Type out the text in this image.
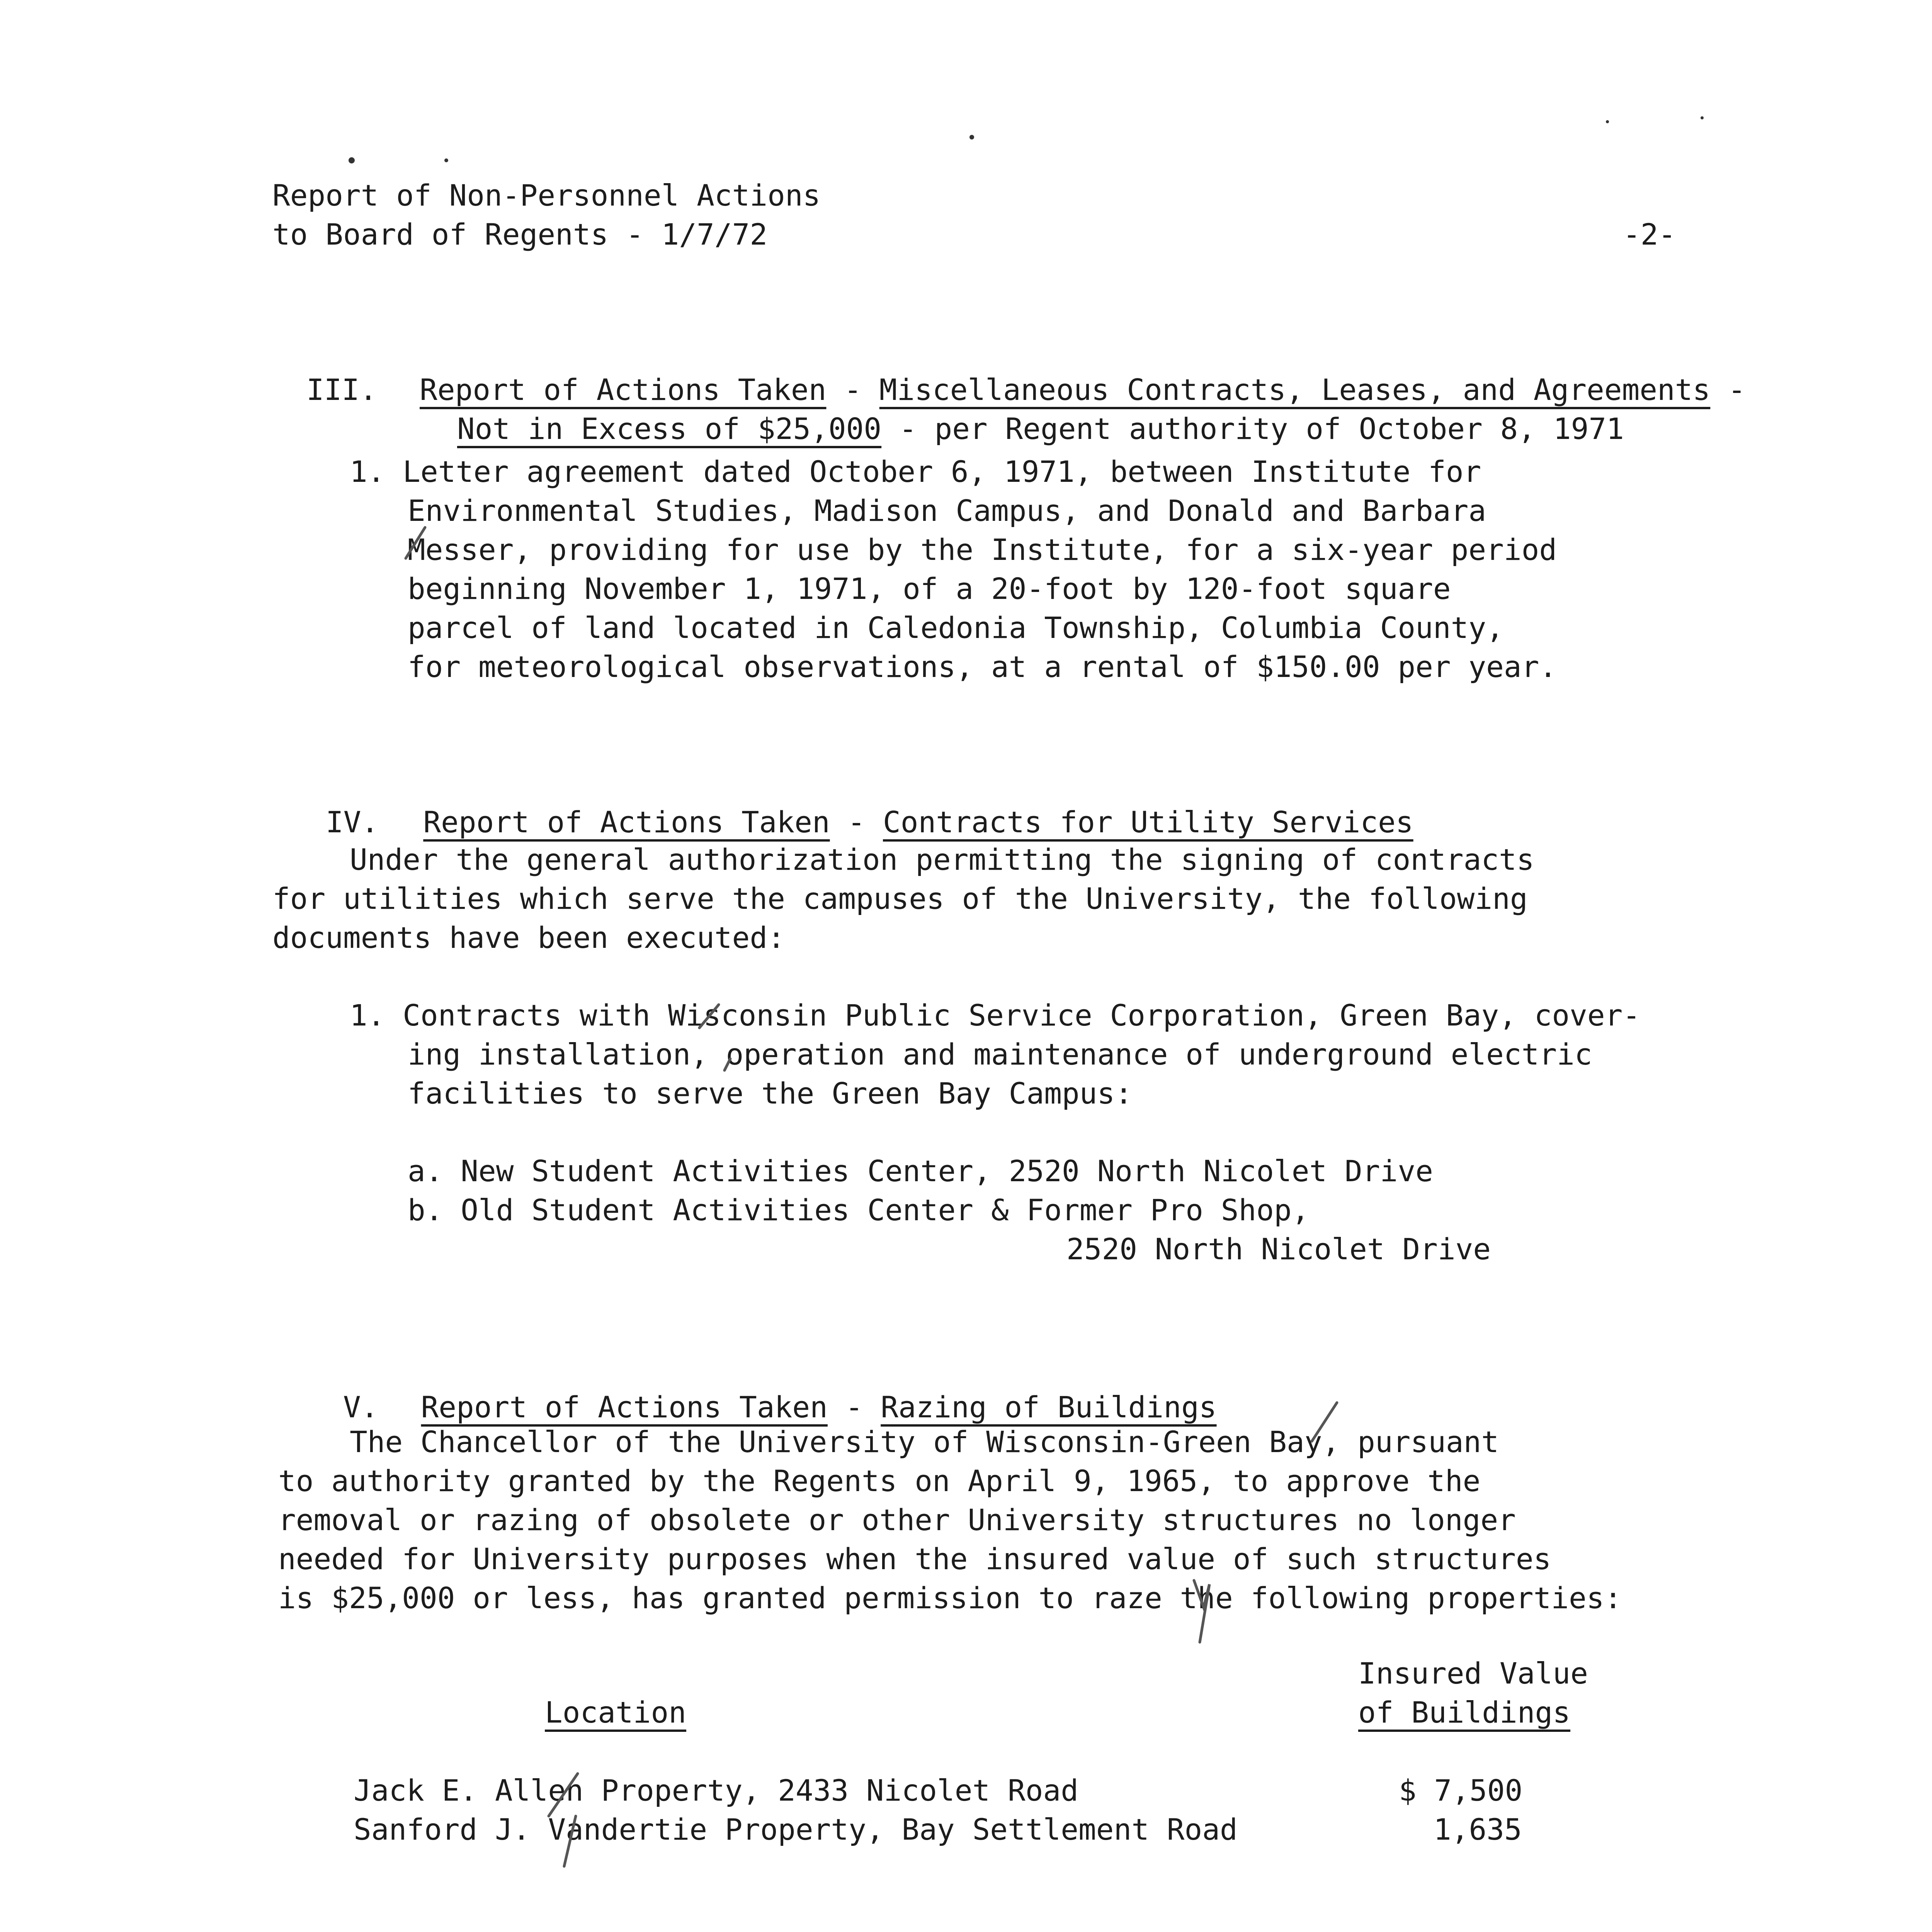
Report of Non-Personnel Actions
to Board of Regents - 1/7/72	-2-

III. Report of Actions Taken - Miscellaneous Contracts, Leases, and Agreements -

Not in Excess of $25,000 - per Regent authority of October 8, 1971

1. Letter agreement dated October 6, 1971, between Institute for
Environmental Studies, Madison Campus, and Donald and Barbara
Messer, providing for use by the Institute, for a six-year period
beginning November 1, 1971, of a 20-foot by 120-foot square
parcel of land located in Caledonia Township, Columbia County,
for meteorological observations, at a rental of $150.00 per year.

IV. Report of Actions Taken - Contracts for Utility Services

Under the general authorization permitting the signing of contracts
for utilities which serve the campuses of the University, the following
documents have been executed:
1. Contracts with Wisconsin Public Service Corporation, Green Bay, cover-
ing installation, operation and maintenance of underground electric
facilities to serve the Green Bay Campus:
a. New Student Activities Center, 2520 North Nicolet Drive
b. Old Student Activities Center & Former Pro Shop,
2520 North Nicolet Drive

V. Report of Actions Taken - Razing of Buildings

The Chancellor of the University of Wisconsin-Green Bay, pursuant
to authority granted by the Regents on April 9, 1965, to approve the
removal or razing of obsolete or other University structures no longer
needed for University purposes when the insured value of such structures
is $25,000 or less, has granted permission to raze the following properties:
Insured Value
Location	of Buildings
Jack E. Allen Property, 2433 Nicolet Road	$ 7,500
Sanford J. Vandertie Property, Bay Settlement Road	1,635
